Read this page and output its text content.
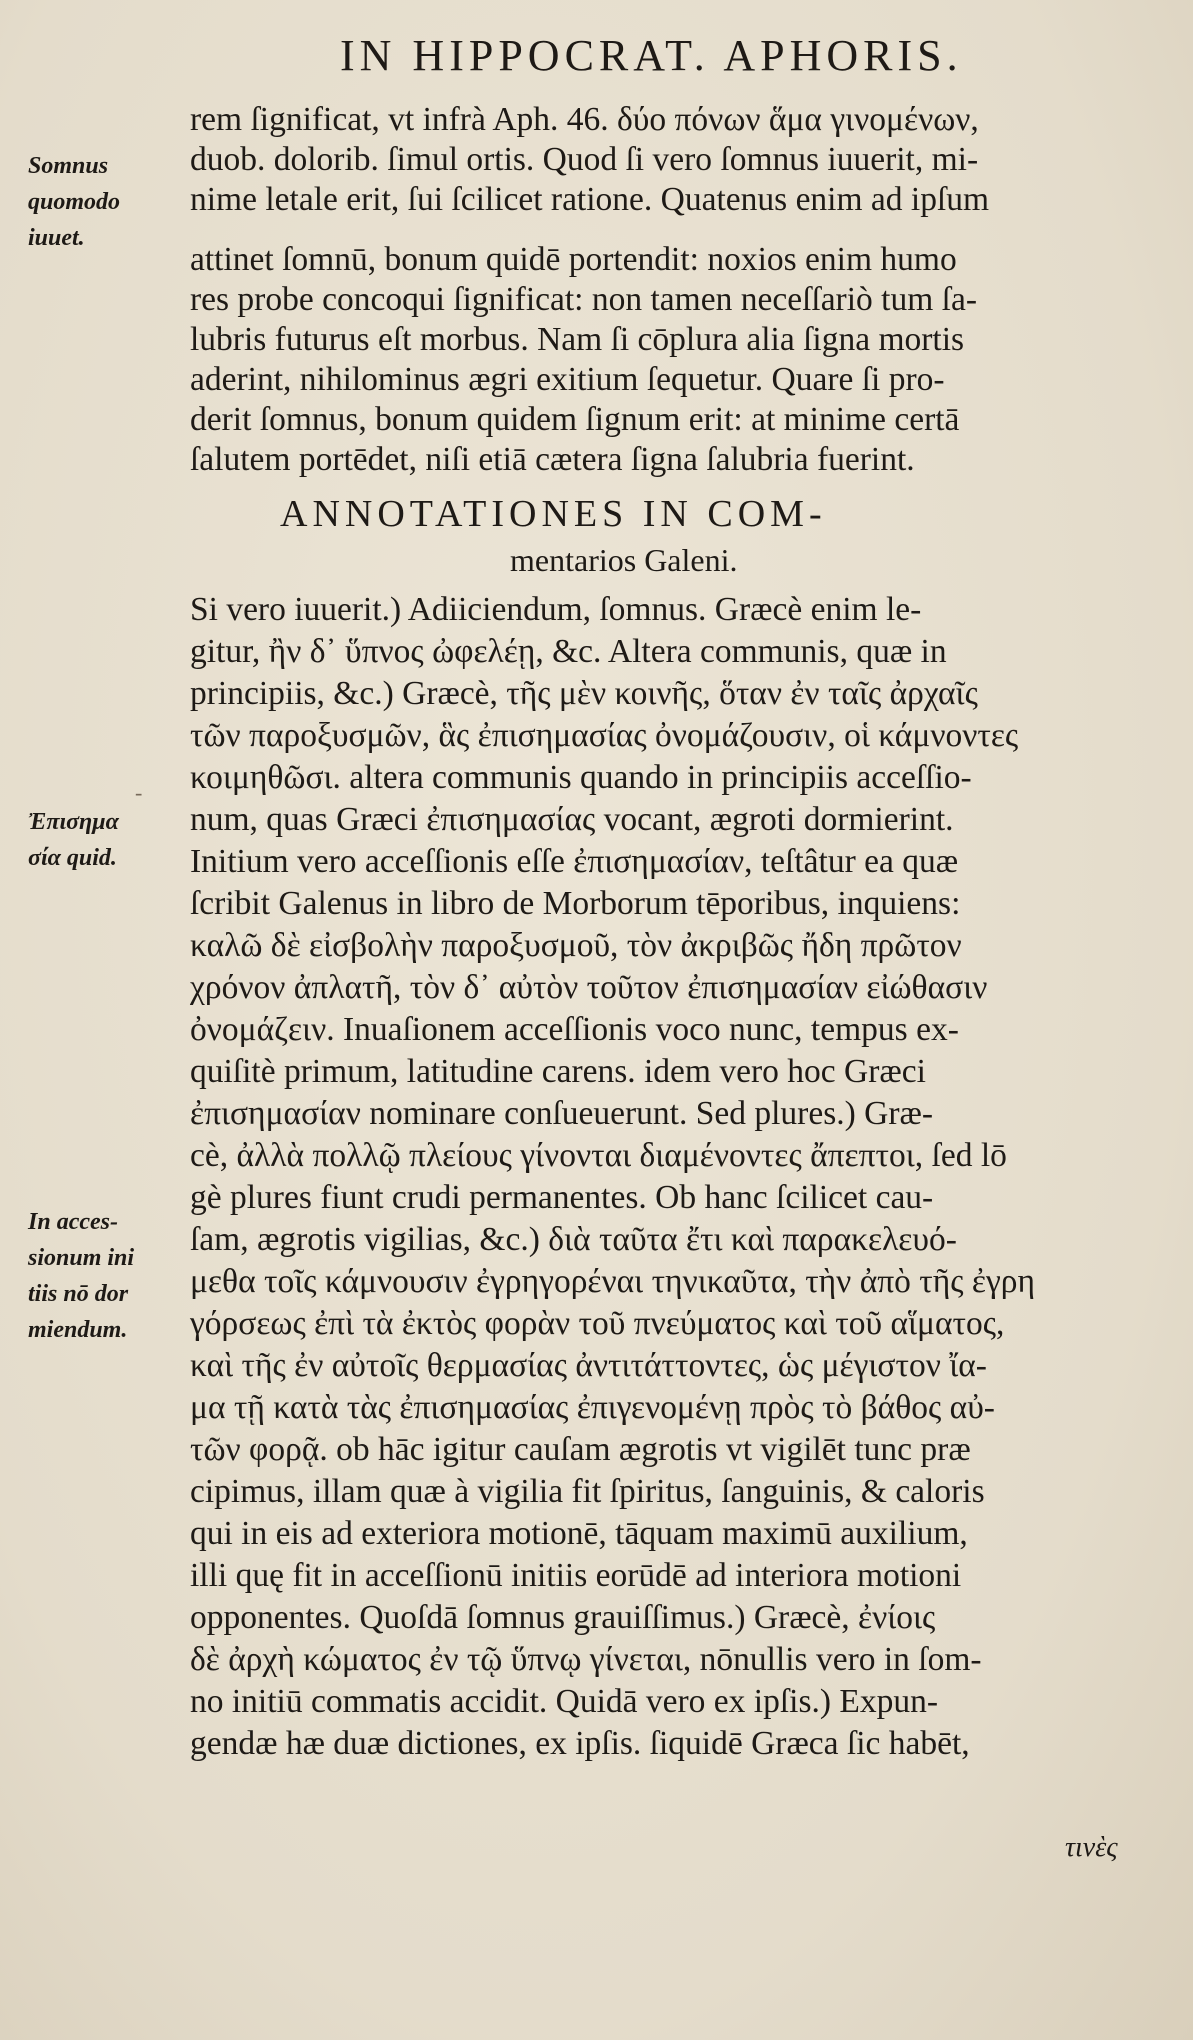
IN HIPPOCRAT. APHORIS.
Somnus
quomodo
iuuet.
Ἐπισημα
σία quid.
In acces-
sionum ini
tiis nō dor
miendum.
rem ſignificat, vt infrà Aph. 46. δύο πόνων ἅμα γινομένων,
duob. dolorib. ſimul ortis. Quod ſi vero ſomnus iuuerit, mi-
nime letale erit, ſui ſcilicet ratione. Quatenus enim ad ipſum
attinet ſomnū, bonum quidē portendit: noxios enim humo
res probe concoqui ſignificat: non tamen neceſſariò tum ſa-
lubris futurus eſt morbus. Nam ſi cōplura alia ſigna mortis
aderint, nihilominus ægri exitium ſequetur. Quare ſi pro-
derit ſomnus, bonum quidem ſignum erit: at minime certā
ſalutem portēdet, niſi etiā cætera ſigna ſalubria fuerint.
ANNOTATIONES IN COM-
mentarios Galeni.
Si vero iuuerit.) Adiiciendum, ſomnus. Græcè enim le-
gitur, ἢν δ᾽ ὕπνος ὠφελέῃ, &c. Altera communis, quæ in
principiis, &c.) Græcè, τῆς μὲν κοινῆς, ὅταν ἐν ταῖς ἀρχαῖς
τῶν παροξυσμῶν, ἃς ἐπισημασίας ὀνομάζουσιν, οἱ κάμνοντες
κοιμηθῶσι. altera communis quando in principiis acceſſio-
num, quas Græci ἐπισημασίας vocant, ægroti dormierint.
Initium vero acceſſionis eſſe ἐπισημασίαν, teſtâtur ea quæ
ſcribit Galenus in libro de Morborum tēporibus, inquiens:
καλῶ δὲ εἰσβολὴν παροξυσμοῦ, τὸν ἀκριβῶς ἤδη πρῶτον
χρόνον ἀπλατῆ, τὸν δ᾽ αὐτὸν τοῦτον ἐπισημασίαν εἰώθασιν
ὀνομάζειν. Inuaſionem acceſſionis voco nunc, tempus ex-
quiſitè primum, latitudine carens. idem vero hoc Græci
ἐπισημασίαν nominare conſueuerunt. Sed plures.) Græ-
cè, ἀλλὰ πολλῷ πλείους γίνονται διαμένοντες ἄπεπτοι, ſed lō
gè plures fiunt crudi permanentes. Ob hanc ſcilicet cau-
ſam, ægrotis vigilias, &c.) διὰ ταῦτα ἔτι καὶ παρακελευό-
μεθα τοῖς κάμνουσιν ἐγρηγορέναι τηνικαῦτα, τὴν ἀπὸ τῆς ἐγρη
γόρσεως ἐπὶ τὰ ἐκτὸς φορὰν τοῦ πνεύματος καὶ τοῦ αἵματος,
καὶ τῆς ἐν αὐτοῖς θερμασίας ἀντιτάττοντες, ὡς μέγιστον ἴα-
μα τῇ κατὰ τὰς ἐπισημασίας ἐπιγενομένῃ πρὸς τὸ βάθος αὐ-
τῶν φορᾷ. ob hāc igitur cauſam ægrotis vt vigilēt tunc præ
cipimus, illam quæ à vigilia fit ſpiritus, ſanguinis, & caloris
qui in eis ad exteriora motionē, tāquam maximū auxilium,
illi quę fit in acceſſionū initiis eorūdē ad interiora motioni
opponentes. Quoſdā ſomnus grauiſſimus.) Græcè, ἐνίοις
δὲ ἀρχὴ κώματος ἐν τῷ ὕπνῳ γίνεται, nōnullis vero in ſom-
no initiū commatis accidit. Quidā vero ex ipſis.) Expun-
gendæ hæ duæ dictiones, ex ipſis. ſiquidē Græca ſic habēt,
-
τινὲς
